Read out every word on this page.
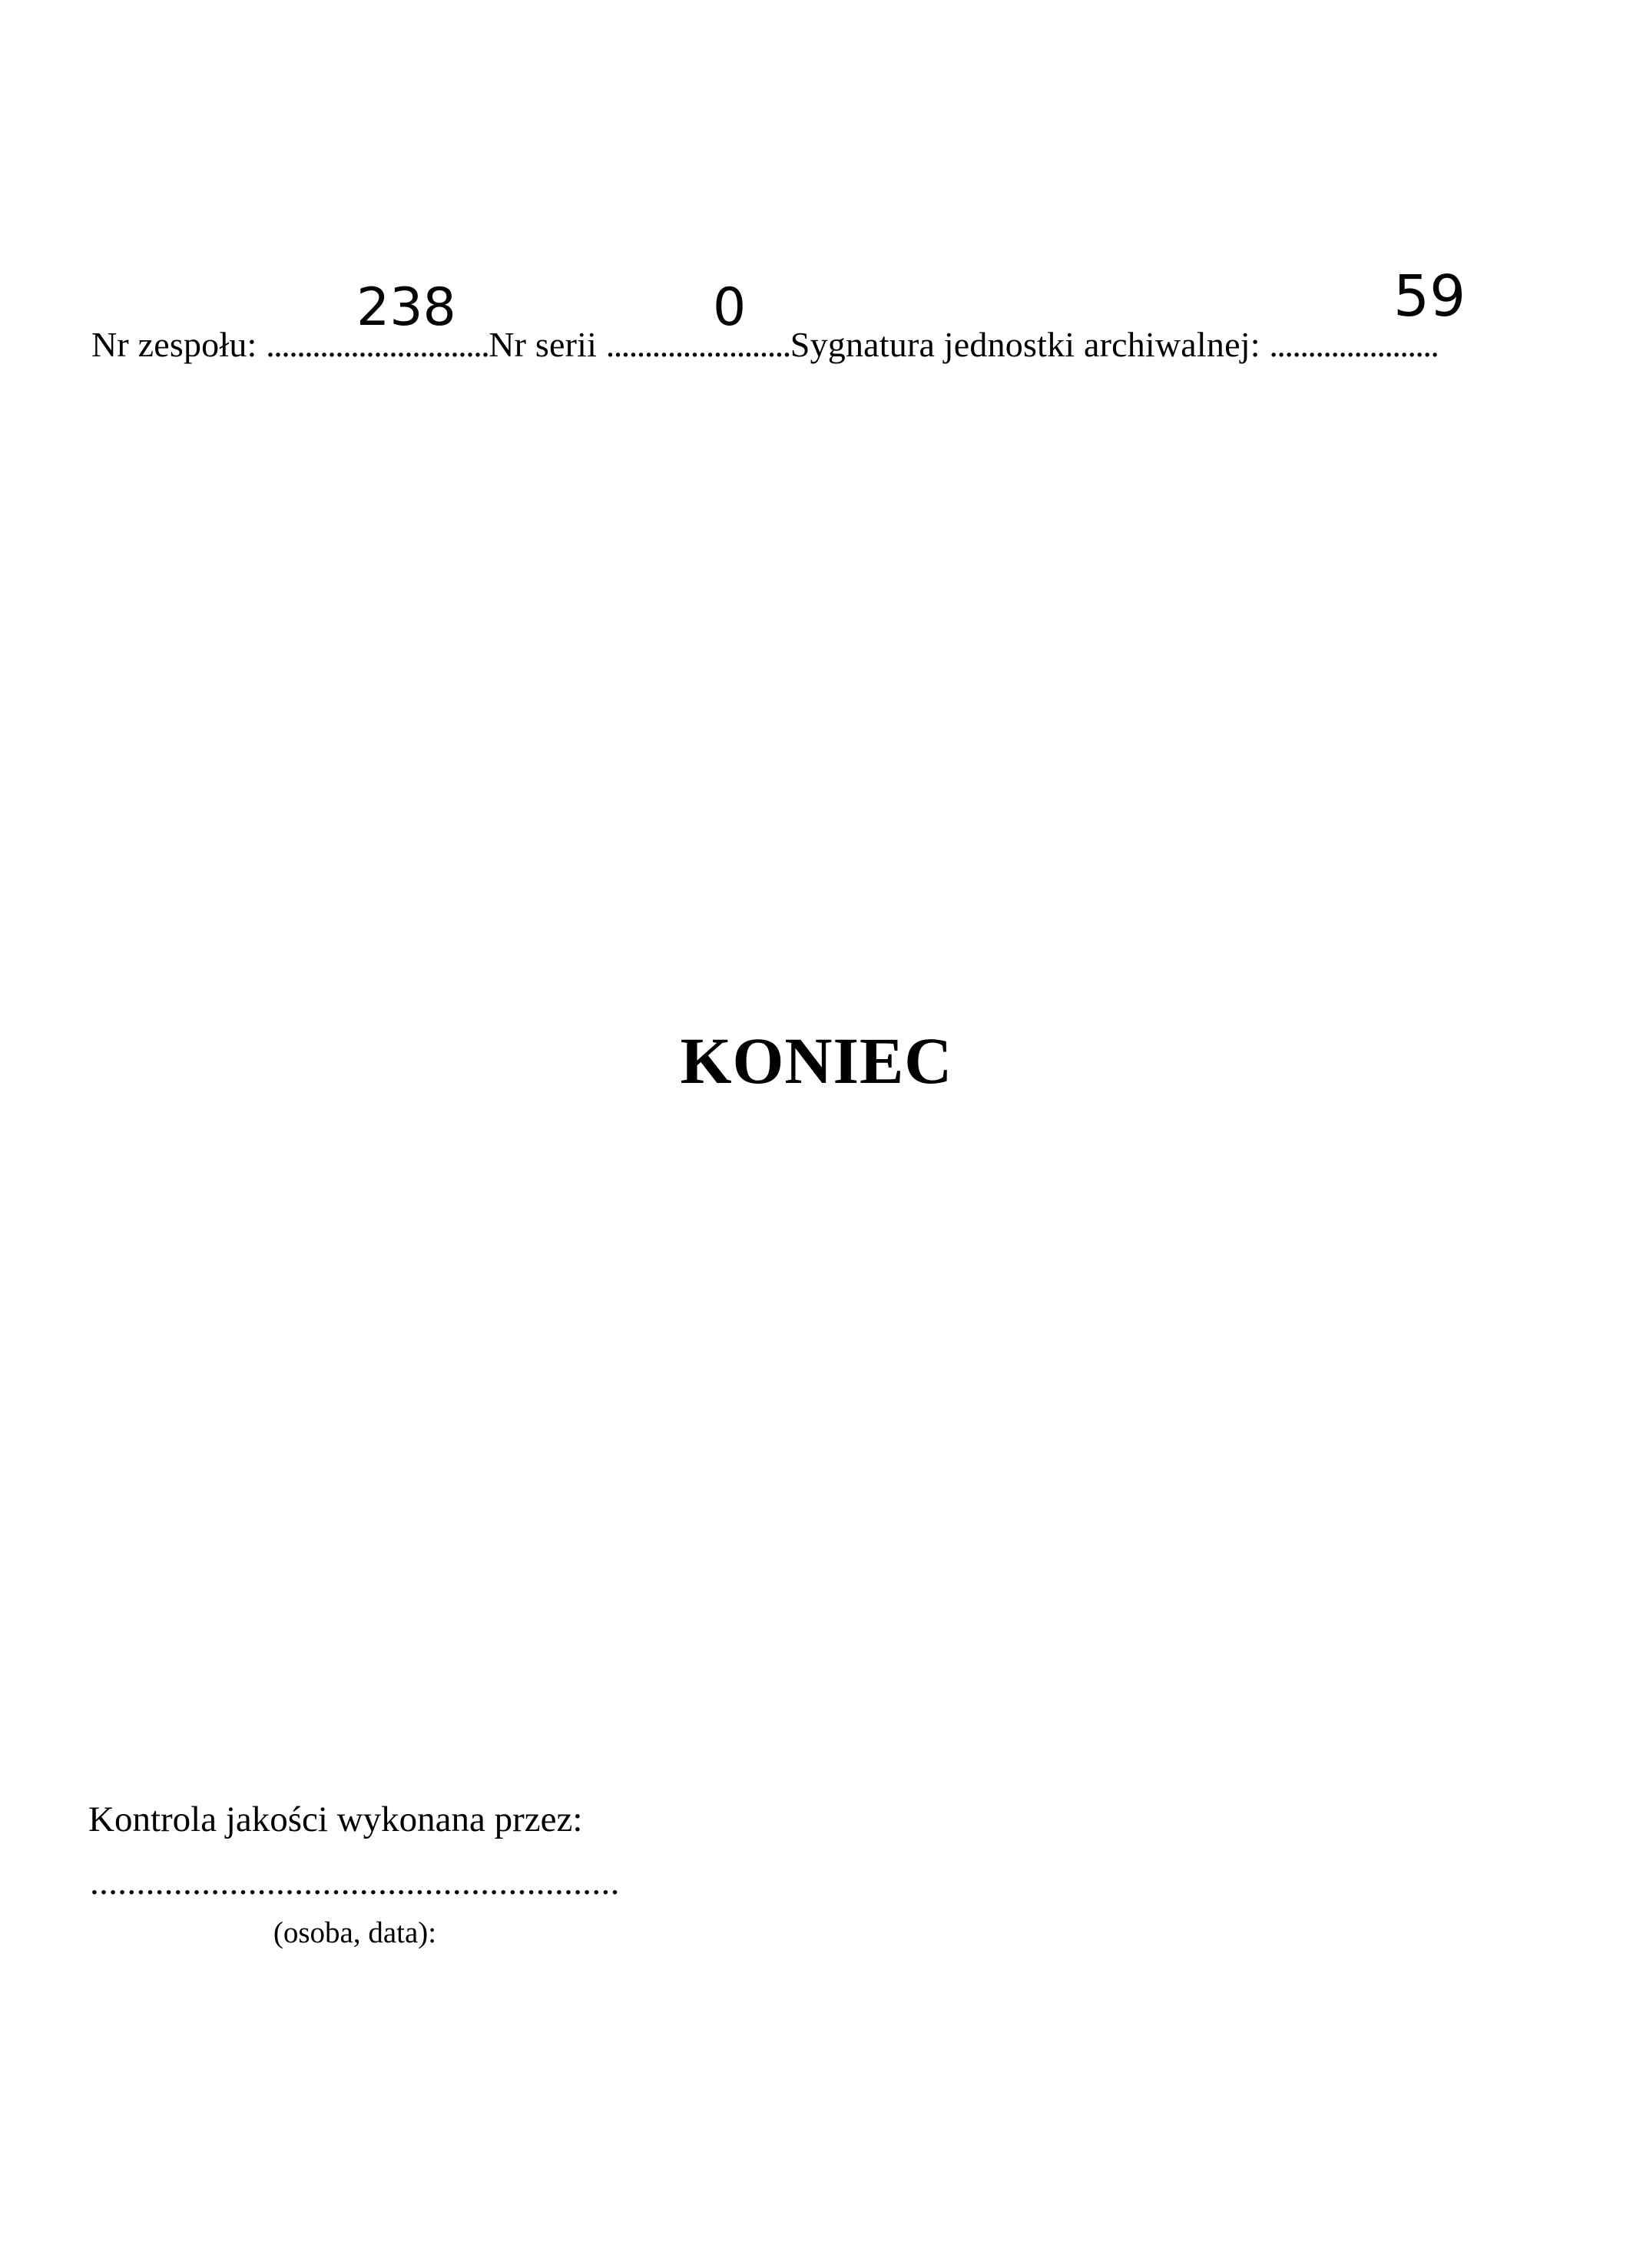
Nr zespołu: .............................Nr serii ........................Sygnatura jednostki archiwalnej: ......................
238	0	59
KONIEC
Kontrola jakości wykonana przez:
.........................................................
(osoba, data):
